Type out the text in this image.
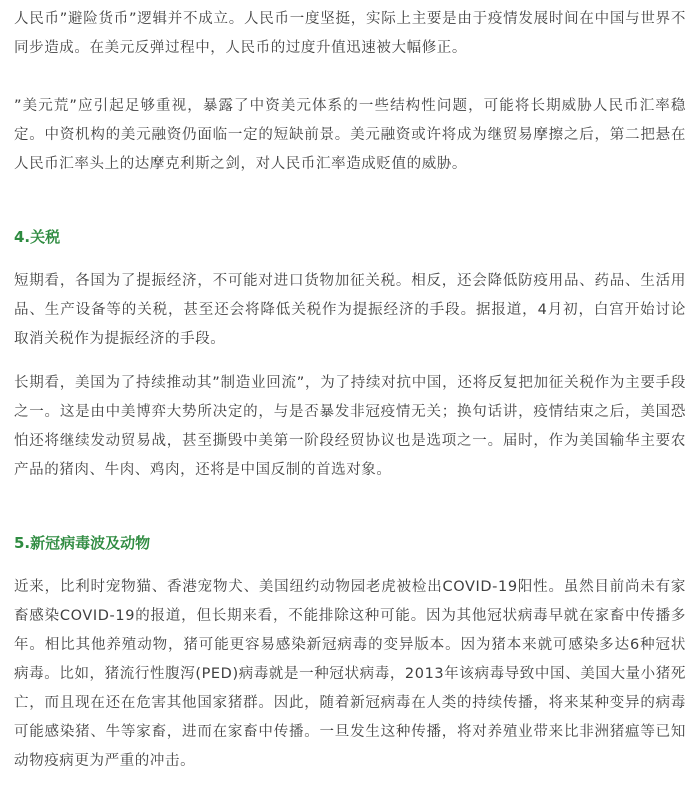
人民币”避险货币”逻辑并不成立。人民币一度坚挺，实际上主要是由于疫情发展时间在中国与世界不同步造成。在美元反弹过程中，人民币的过度升值迅速被大幅修正。

”美元荒”应引起足够重视，暴露了中资美元体系的一些结构性问题，可能将长期威胁人民币汇率稳定。中资机构的美元融资仍面临一定的短缺前景。美元融资或许将成为继贸易摩擦之后，第二把悬在人民币汇率头上的达摩克利斯之剑，对人民币汇率造成贬值的威胁。

4.关税

短期看，各国为了提振经济，不可能对进口货物加征关税。相反，还会降低防疫用品、药品、生活用品、生产设备等的关税，甚至还会将降低关税作为提振经济的手段。据报道，4月初，白宫开始讨论取消关税作为提振经济的手段。

长期看，美国为了持续推动其”制造业回流”，为了持续对抗中国，还将反复把加征关税作为主要手段之一。这是由中美博弈大势所决定的，与是否暴发非冠疫情无关；换句话讲，疫情结束之后，美国恐怕还将继续发动贸易战，甚至撕毁中美第一阶段经贸协议也是选项之一。届时，作为美国输华主要农产品的猪肉、牛肉、鸡肉，还将是中国反制的首选对象。

5.新冠病毒波及动物

近来，比利时宠物猫、香港宠物犬、美国纽约动物园老虎被检出COVID-19阳性。虽然目前尚未有家畜感染COVID-19的报道，但长期来看，不能排除这种可能。因为其他冠状病毒早就在家畜中传播多年。相比其他养殖动物，猪可能更容易感染新冠病毒的变异版本。因为猪本来就可感染多达6种冠状病毒。比如，猪流行性腹泻(PED)病毒就是一种冠状病毒，2013年该病毒导致中国、美国大量小猪死亡，而且现在还在危害其他国家猪群。因此，随着新冠病毒在人类的持续传播，将来某种变异的病毒可能感染猪、牛等家畜，进而在家畜中传播。一旦发生这种传播，将对养殖业带来比非洲猪瘟等已知动物疫病更为严重的冲击。
